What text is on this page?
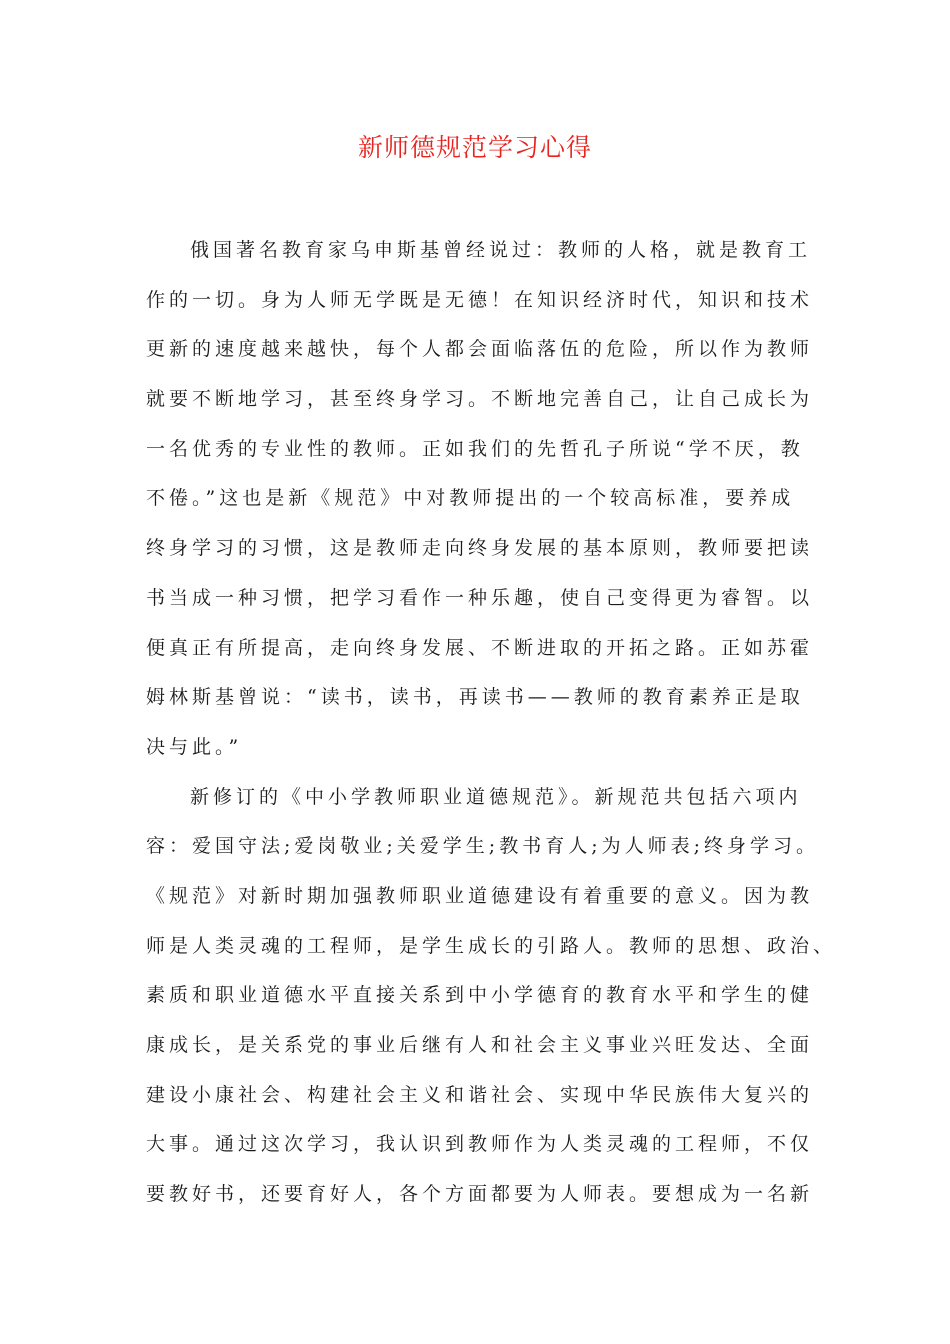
新师德规范学习心得
俄国著名教育家乌申斯基曾经说过：教师的人格，就是教育工
作的一切。身为人师无学既是无德！在知识经济时代，知识和技术
更新的速度越来越快，每个人都会面临落伍的危险，所以作为教师
就要不断地学习，甚至终身学习。不断地完善自己，让自己成长为
一名优秀的专业性的教师。正如我们的先哲孔子所说“学不厌，教
不倦。”这也是新《规范》中对教师提出的一个较高标准，要养成
终身学习的习惯，这是教师走向终身发展的基本原则，教师要把读
书当成一种习惯，把学习看作一种乐趣，使自己变得更为睿智。以
便真正有所提高，走向终身发展、不断进取的开拓之路。正如苏霍
姆林斯基曾说：“读书，读书，再读书——教师的教育素养正是取
决与此。”
新修订的《中小学教师职业道德规范》。新规范共包括六项内
容：爱国守法;爱岗敬业;关爱学生;教书育人;为人师表;终身学习。
《规范》对新时期加强教师职业道德建设有着重要的意义。因为教
师是人类灵魂的工程师，是学生成长的引路人。教师的思想、政治、
素质和职业道德水平直接关系到中小学德育的教育水平和学生的健
康成长，是关系党的事业后继有人和社会主义事业兴旺发达、全面
建设小康社会、构建社会主义和谐社会、实现中华民族伟大复兴的
大事。通过这次学习，我认识到教师作为人类灵魂的工程师，不仅
要教好书，还要育好人，各个方面都要为人师表。要想成为一名新
